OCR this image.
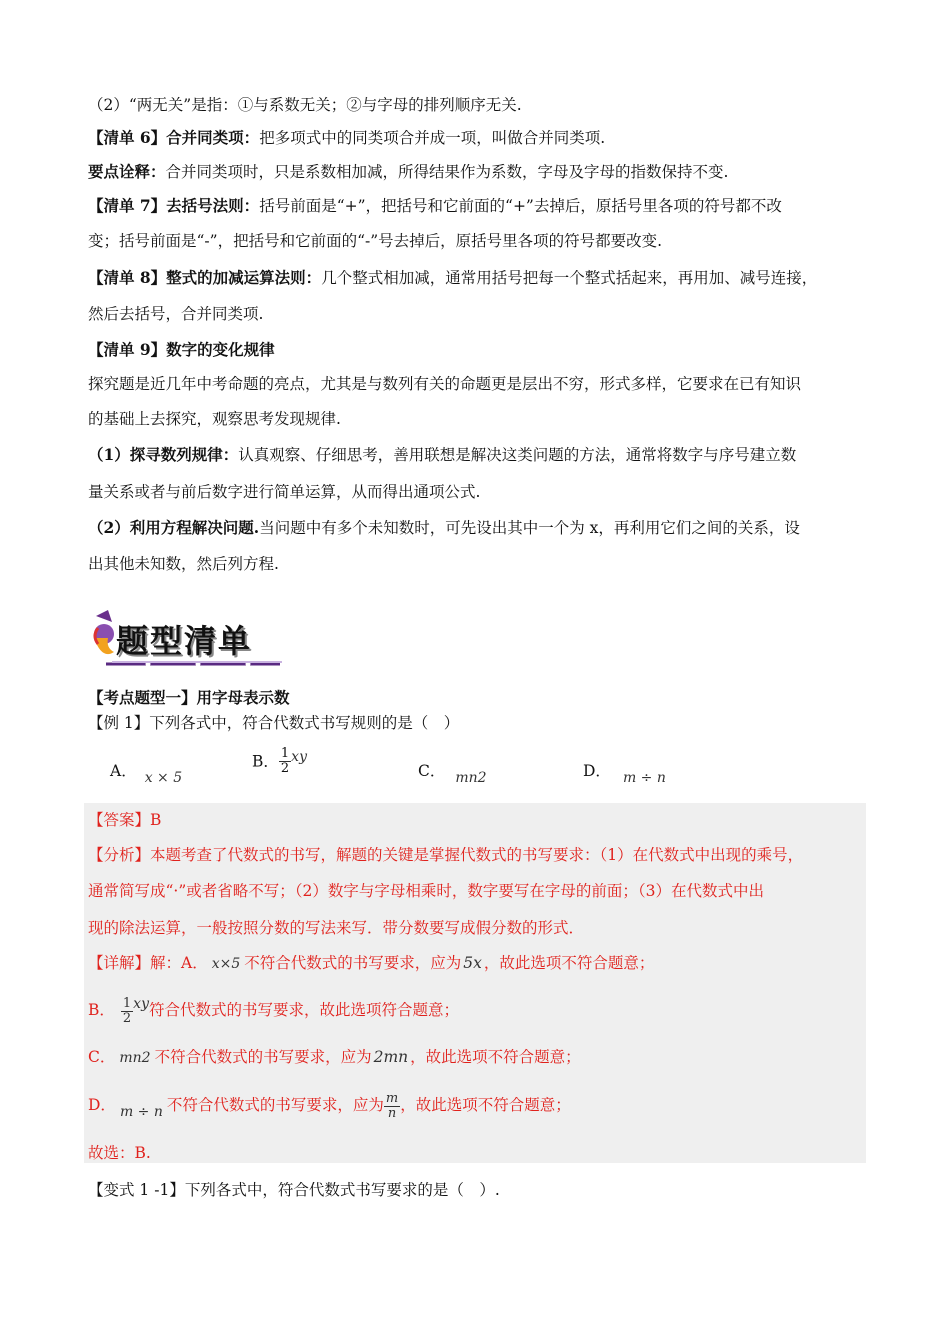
（2）“两无关”是指：①与系数无关；②与字母的排列顺序无关.
【清单 6】合并同类项：把多项式中的同类项合并成一项，叫做合并同类项.
要点诠释：合并同类项时，只是系数相加减，所得结果作为系数，字母及字母的指数保持不变.
【清单 7】去括号法则：括号前面是“+”，把括号和它前面的“+”去掉后，原括号里各项的符号都不改
变；括号前面是“-”，把括号和它前面的“-”号去掉后，原括号里各项的符号都要改变.
【清单 8】整式的加减运算法则：几个整式相加减，通常用括号把每一个整式括起来，再用加、减号连接，
然后去括号，合并同类项.
【清单 9】数字的变化规律
探究题是近几年中考命题的亮点，尤其是与数列有关的命题更是层出不穷，形式多样，它要求在已有知识
的基础上去探究，观察思考发现规律.
（1）探寻数列规律：认真观察、仔细思考，善用联想是解决这类问题的方法，通常将数字与序号建立数
量关系或者与前后数字进行简单运算，从而得出通项公式.
（2）利用方程解决问题.当问题中有多个未知数时，可先设出其中一个为 x，再利用它们之间的关系，设
出其他未知数，然后列方程.
题型清单
【考点题型一】用字母表示数
【例 1】下列各式中，符合代数式书写规则的是（　）
A． x × 5
B． $\frac{1}{2}$ xy
C． mn2	D． m ÷ n
【答案】B
【分析】本题考查了代数式的书写，解题的关键是掌握代数式的书写要求：（1）在代数式中出现的乘号，
通常简写成“·”或者省略不写；（2）数字与字母相乘时，数字要写在字母的前面；（3）在代数式中出
现的除法运算，一般按照分数的写法来写．带分数要写成假分数的形式．
【详解】解：A． x×5 不符合代数式的书写要求，应为 5x ，故此选项不符合题意；
B． $\frac{1}{2}$ xy符合代数式的书写要求，故此选项符合题意；
C． mn2 不符合代数式的书写要求，应为 2mn ，故此选项不符合题意；
D． m ÷ n 不符合代数式的书写要求，应为 $\frac{m}{n}$ ，故此选项不符合题意；
故选：B.
【变式 1 -1】下列各式中，符合代数式书写要求的是（　）.
